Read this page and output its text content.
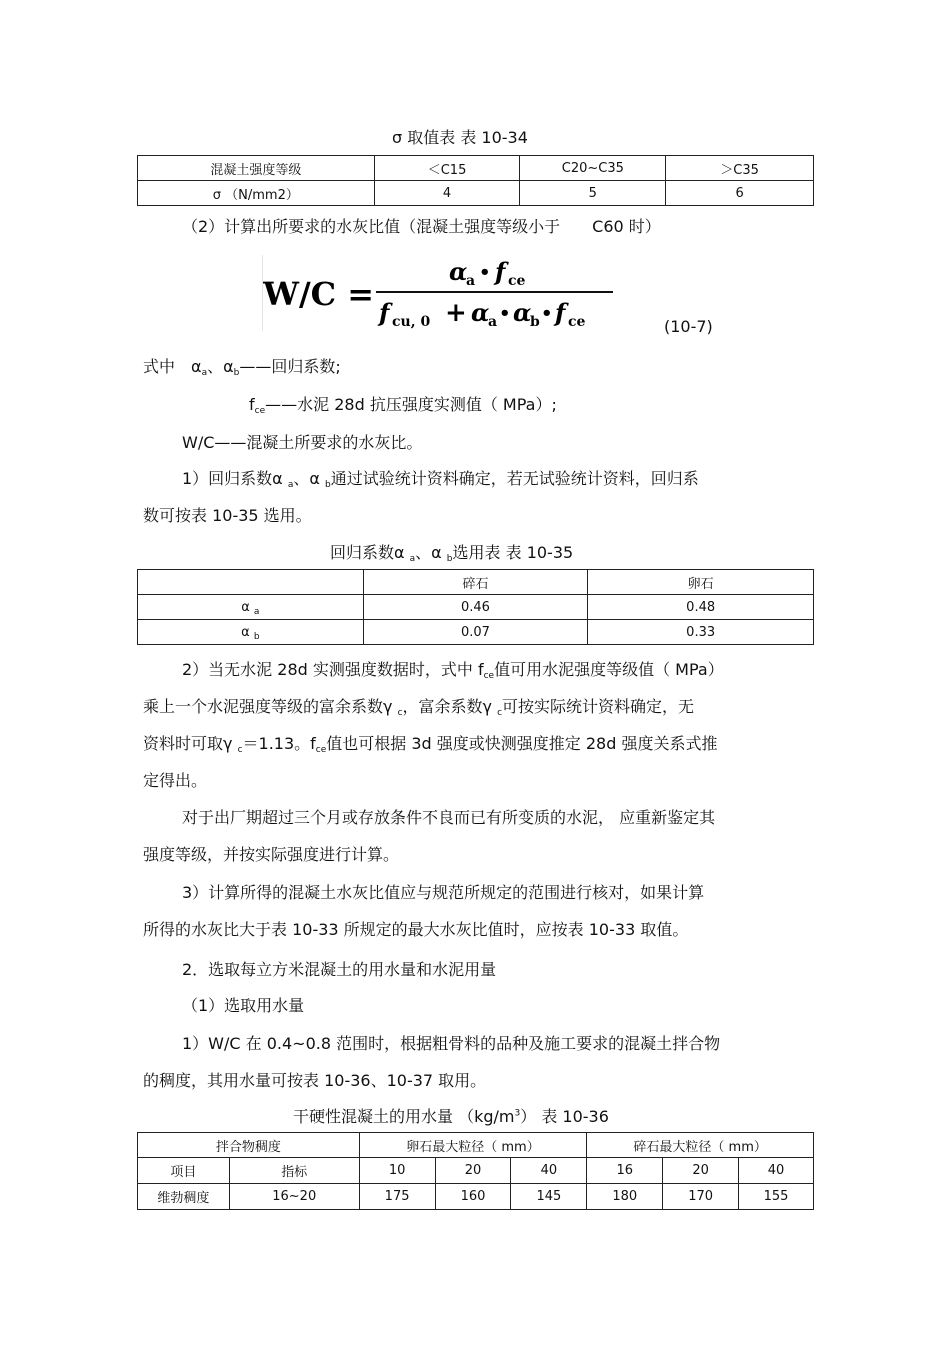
σ 取值表 表 10-34
混凝土强度等级	＜C15	C20~C35	＞C35
σ （N/mm2）	4	5	6
（2）计算出所要求的水灰比值（混凝土强度等级小于　　C60 时）
W/C =
α
a • f ce
f cu, 0 + α
a • α
b • f ce	(10-7)
式中　αa、αb——回归系数;
fce——水泥 28d 抗压强度实测值（ MPa）;
W/C——混凝土所要求的水灰比。
1）回归系数α a、α b通过试验统计资料确定，若无试验统计资料，回归系
数可按表 10-35 选用。
回归系数α a、α b选用表 表 10-35
	碎石	卵石
α $_a$	0.46	0.48
α $_b$	0.07	0.33
2）当无水泥 28d 实测强度数据时，式中 fce值可用水泥强度等级值（ MPa）
乘上一个水泥强度等级的富余系数γ c，富余系数γ c可按实际统计资料确定，无
资料时可取γ c＝1.13。fce值也可根据 3d 强度或快测强度推定 28d 强度关系式推
定得出。
对于出厂期超过三个月或存放条件不良而已有所变质的水泥， 应重新鉴定其
强度等级，并按实际强度进行计算。
3）计算所得的混凝土水灰比值应与规范所规定的范围进行核对，如果计算
所得的水灰比大于表 10-33 所规定的最大水灰比值时，应按表 10-33 取值。
2．选取每立方米混凝土的用水量和水泥用量
（1）选取用水量
1）W/C 在 0.4~0.8 范围时，根据粗骨料的品种及施工要求的混凝土拌合物
的稠度，其用水量可按表 10-36、10-37 取用。
干硬性混凝土的用水量 $(kg/m^3)$ 表 10-36
拌合物稠度		卵石最大粒径（ mm）			碎石最大粒径（ mm）		
项目	指标	10	20	40	16	20	40
维勃稠度	16~20	175	160	145	180	170	155
